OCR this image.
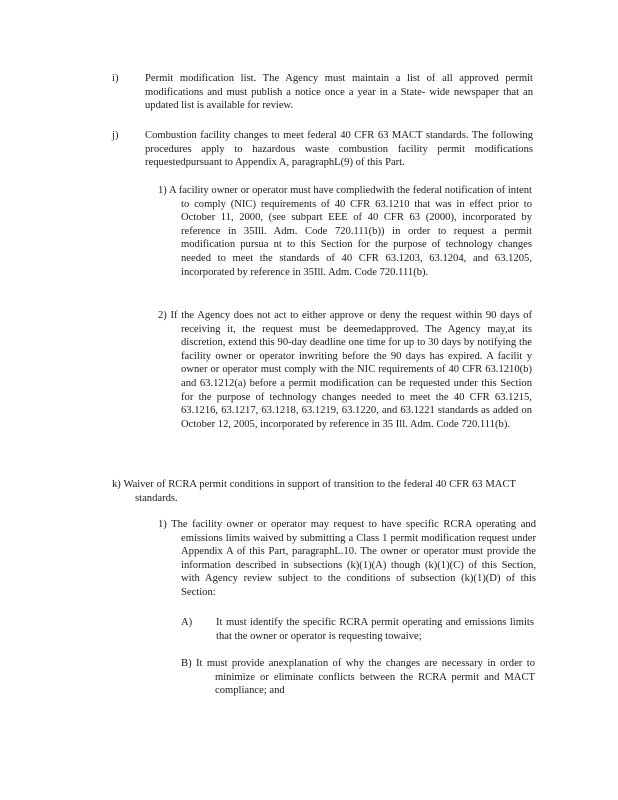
i)	Permit modification list. The Agency must maintain a list of all approved permit modifications and must publish a notice once a year in a State- wide newspaper that an updated list is available for review.
j)	Combustion facility changes to meet federal 40 CFR 63 MACT standards. The following procedures apply to hazardous waste combustion facility permit modifications requestedpursuant to Appendix A, paragraphL(9) of this Part.
1) A facility owner or operator must have compliedwith the federal notification of intent to comply (NIC) requirements of 40 CFR 63.1210 that was in effect prior to October 11, 2000, (see subpart EEE of 40 CFR 63 (2000), incorporated by reference in 35Ill. Adm. Code 720.111(b)) in order to request a permit modification pursua nt to this Section for the purpose of technology changes needed to meet the standards of 40 CFR 63.1203, 63.1204, and 63.1205, incorporated by reference in 35Ill. Adm. Code 720.111(b).
2) If the Agency does not act to either approve or deny the request within 90 days of receiving it, the request must be deemedapproved. The Agency may,at its discretion, extend this 90-day deadline one time for up to 30 days by notifying the facility owner or operator inwriting before the 90 days has expired. A facilit y owner or operator must comply with the NIC requirements of 40 CFR 63.1210(b) and 63.1212(a) before a permit modification can be requested under this Section for the purpose of technology changes needed to meet the 40 CFR 63.1215, 63.1216, 63.1217, 63.1218, 63.1219, 63.1220, and 63.1221 standards as added on October 12, 2005, incorporated by reference in 35 Ill. Adm. Code 720.111(b).
k) Waiver of RCRA permit conditions in support of transition to the federal 40 CFR 63 MACT standards.
1) The facility owner or operator may request to have specific RCRA operating and emissions limits waived by submitting a Class 1 permit modification request under Appendix A of this Part, paragraphL.10. The owner or operator must provide the information described in subsections (k)(1)(A) though (k)(1)(C) of this Section, with Agency review subject to the conditions of subsection (k)(1)(D) of this Section:
A) It must identify the specific RCRA permit operating and emissions limits that the owner or operator is requesting towaive;
B) It must provide anexplanation of why the changes are necessary in order to minimize or eliminate conflicts between the RCRA permit and MACT compliance; and
